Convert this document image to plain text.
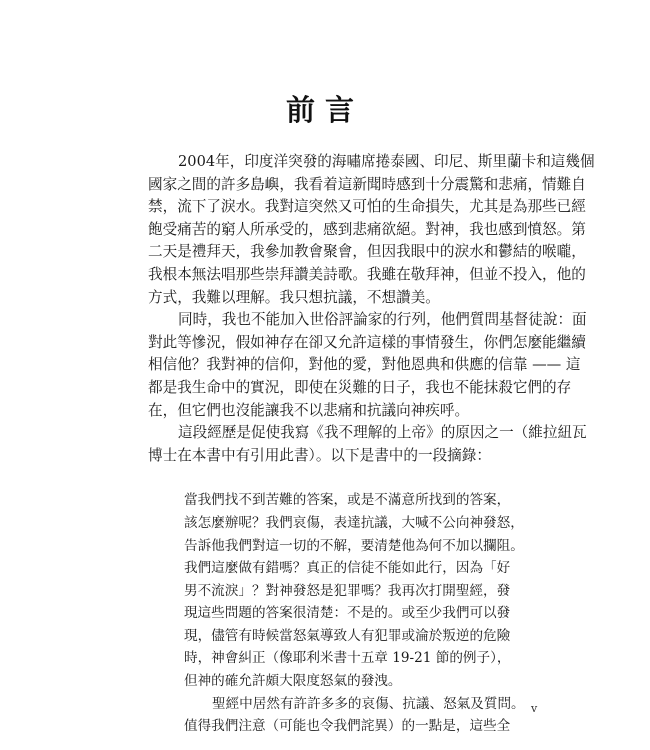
前言
2004年，印度洋突發的海嘯席捲泰國、印尼、斯里蘭卡和這幾個
國家之間的許多島嶼，我看着這新聞時感到十分震驚和悲痛，情難自
禁，流下了淚水。我對這突然又可怕的生命損失，尤其是為那些已經
飽受痛苦的窮人所承受的，感到悲痛欲絕。對神，我也感到憤怒。第
二天是禮拜天，我參加教會聚會，但因我眼中的淚水和鬱結的喉嚨，
我根本無法唱那些崇拜讚美詩歌。我雖在敬拜神，但並不投入，他的
方式，我難以理解。我只想抗議，不想讚美。
同時，我也不能加入世俗評論家的行列，他們質問基督徒說：面
對此等慘況，假如神存在卻又允許這樣的事情發生，你們怎麼能繼續
相信他？我對神的信仰，對他的愛，對他恩典和供應的信靠 —— 這
都是我生命中的實況，即使在災難的日子，我也不能抹殺它們的存
在，但它們也沒能讓我不以悲痛和抗議向神疾呼。
這段經歷是促使我寫《我不理解的上帝》的原因之一（維拉紐瓦
博士在本書中有引用此書）。以下是書中的一段摘錄：
當我們找不到苦難的答案，或是不滿意所找到的答案，
該怎麼辦呢？我們哀傷，表達抗議，大喊不公向神發怒，
告訴他我們對這一切的不解，要清楚他為何不加以攔阻。
我們這麼做有錯嗎？真正的信徒不能如此行，因為「好
男不流淚」？對神發怒是犯罪嗎？我再次打開聖經，發
現這些問題的答案很清楚：不是的。或至少我們可以發
現，儘管有時候當怒氣導致人有犯罪或淪於叛逆的危險
時，神會糾正（像耶利米書十五章 19-21 節的例子），
但神的確允許頗大限度怒氣的發洩。
聖經中居然有許許多多的哀傷、抗議、怒氣及質問。
值得我們注意（可能也令我們詫異）的一點是，這些全
v
